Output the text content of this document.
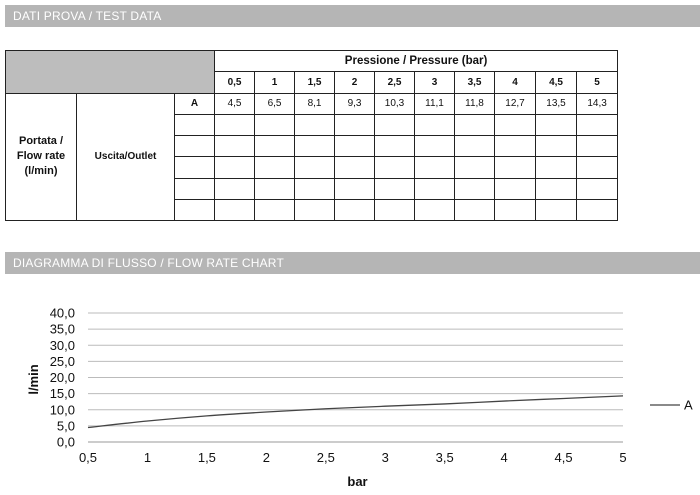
DATI PROVA / TEST DATA
			Pressione / Pressure (bar)									
			0,5	1	1,5	2	2,5	3	3,5	4	4,5	5
Portata /
Flow rate
(l/min)	Uscita/Outlet	A	4,5	6,5	8,1	9,3	10,3	11,1	11,8	12,7	13,5	14,3

DIAGRAMMA DI FLUSSO / FLOW RATE CHART
0,0
5,0
10,0
15,0
20,0
25,0
30,0
35,0
40,0
0,5	1	1,5	2	2,5	3	3,5	4	4,5	5
bar
l/min
A
